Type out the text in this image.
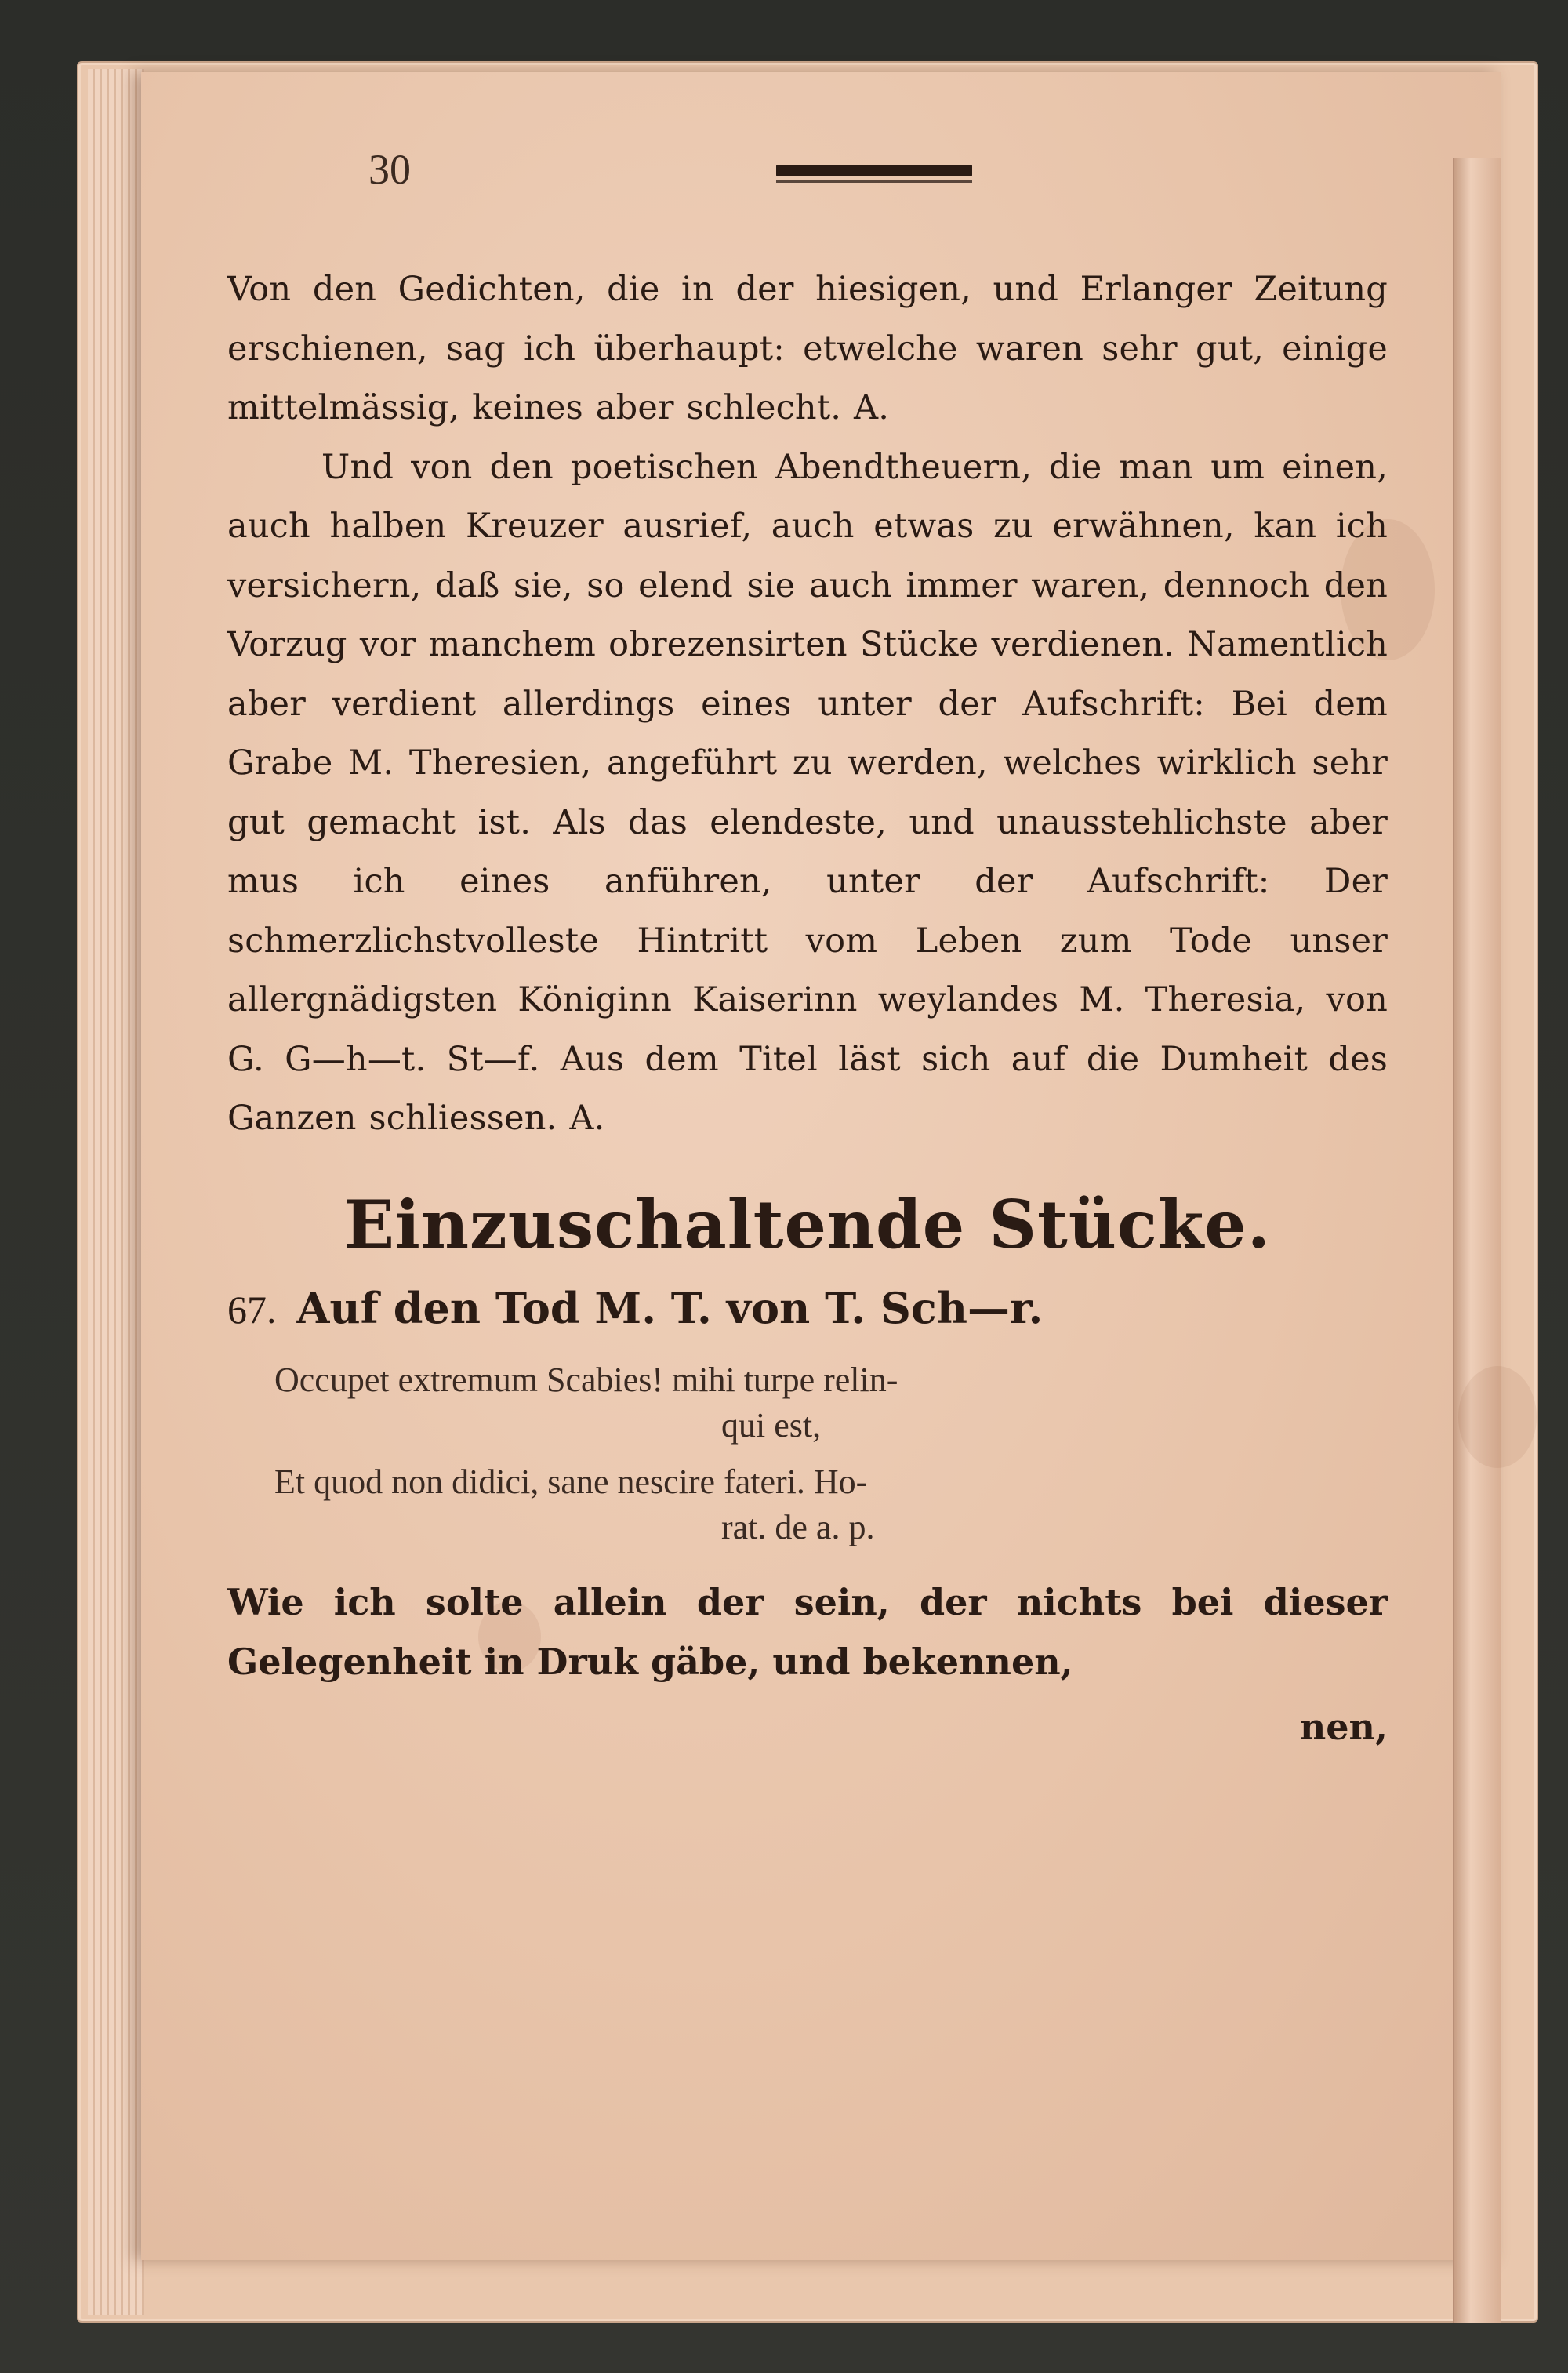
30

Von den Gedichten, die in der hiesigen, und Erlanger Zeitung erschienen, sag ich überhaupt: etwelche waren sehr gut, einige mittelmässig, keines aber schlecht. A.

Und von den poetischen Abendtheuern, die man um einen, auch halben Kreuzer ausrief, auch etwas zu erwähnen, kan ich versichern, daß sie, so elend sie auch immer waren, dennoch den Vorzug vor manchem obrezensirten Stücke verdienen. Namentlich aber verdient allerdings eines unter der Aufschrift: Bei dem Grabe M. Theresien, angeführt zu werden, welches wirklich sehr gut gemacht ist. Als das elendeste, und unausstehlichste aber mus ich eines anführen, unter der Aufschrift: Der schmerzlichstvolleste Hintritt vom Leben zum Tode unser allergnädigsten Königinn Kaiserinn weylandes M. Theresia, von G. G—h—t. St—f. Aus dem Titel läst sich auf die Dumheit des Ganzen schliessen. A.

Einzuschaltende Stücke.
67. Auf den Tod M. T. von T. Sch—r.
Occupet extremum Scabies! mihi turpe relin-
qui est,
Et quod non didici, sane nescire fateri. Ho-
rat. de a. p.

Wie ich solte allein der sein, der nichts bei dieser Gelegenheit in Druk gäbe, und bekennen,

nen,
